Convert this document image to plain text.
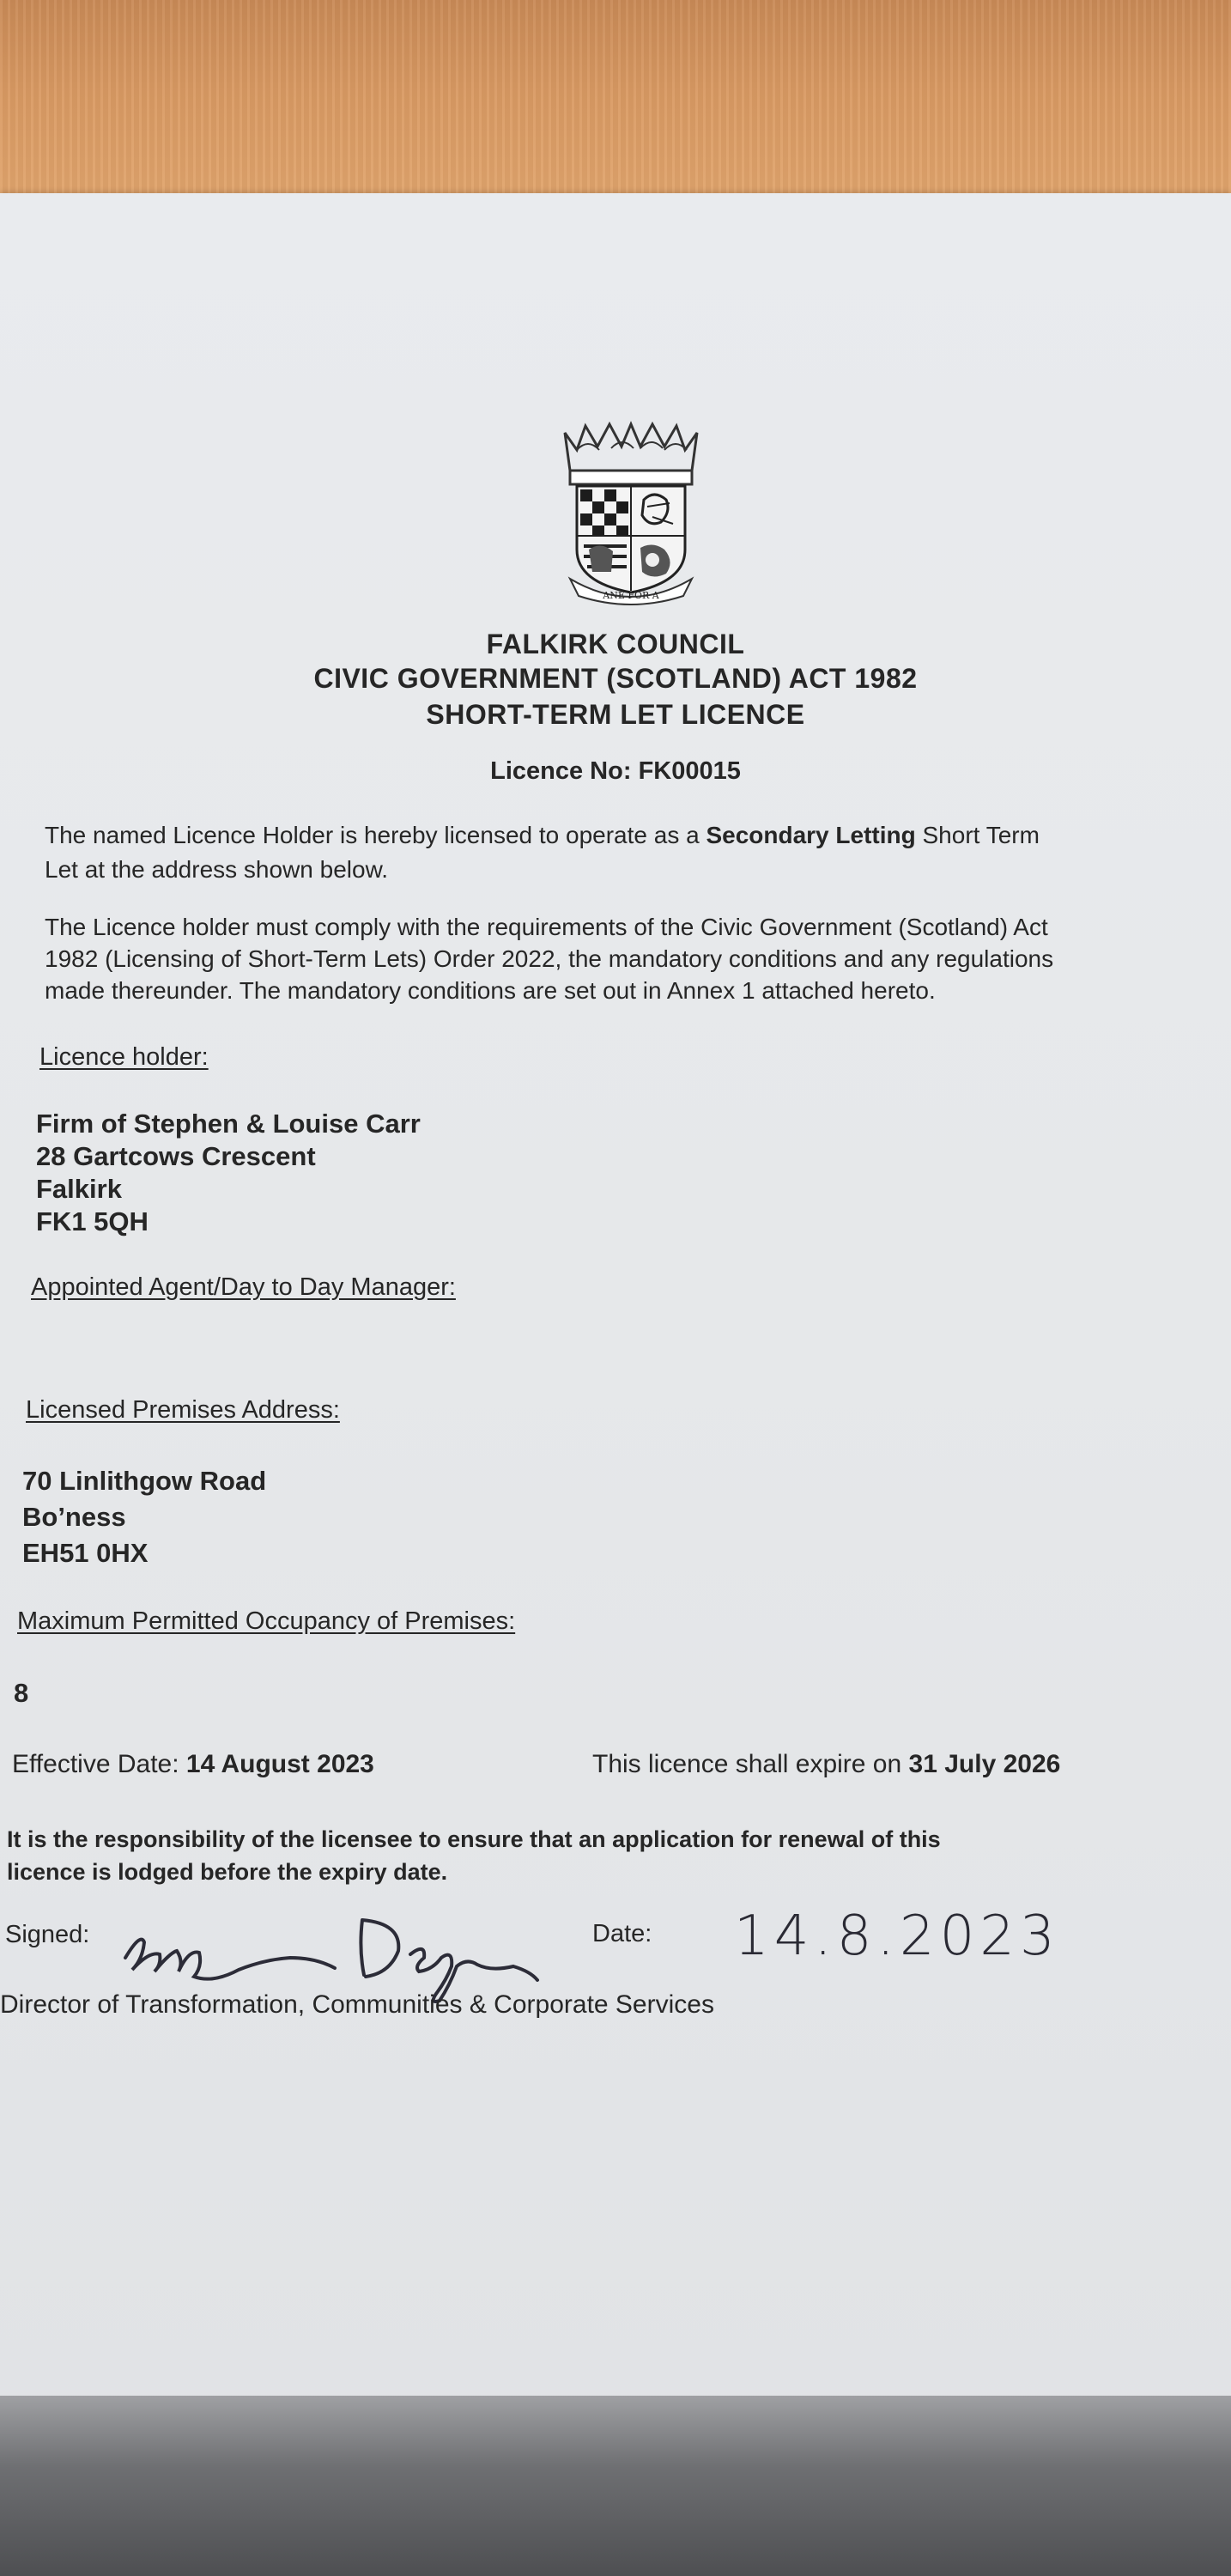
ANE FOR A
FALKIRK COUNCIL
CIVIC GOVERNMENT (SCOTLAND) ACT 1982
SHORT-TERM LET LICENCE
Licence No: FK00015
The named Licence Holder is hereby licensed to operate as a Secondary Letting Short Term
Let at the address shown below.
The Licence holder must comply with the requirements of the Civic Government (Scotland) Act
1982 (Licensing of Short-Term Lets) Order 2022, the mandatory conditions and any regulations
made thereunder. The mandatory conditions are set out in Annex 1 attached hereto.
Licence holder:
Firm of Stephen & Louise Carr
28 Gartcows Crescent
Falkirk
FK1 5QH
Appointed Agent/Day to Day Manager:
Licensed Premises Address:
70 Linlithgow Road
Bo’ness
EH51 0HX
Maximum Permitted Occupancy of Premises:
8
Effective Date: 14 August 2023	This licence shall expire on 31 July 2026
It is the responsibility of the licensee to ensure that an application for renewal of this
licence is lodged before the expiry date.
Signed:	Date: 14.8.2023
Director of Transformation, Communities & Corporate Services
